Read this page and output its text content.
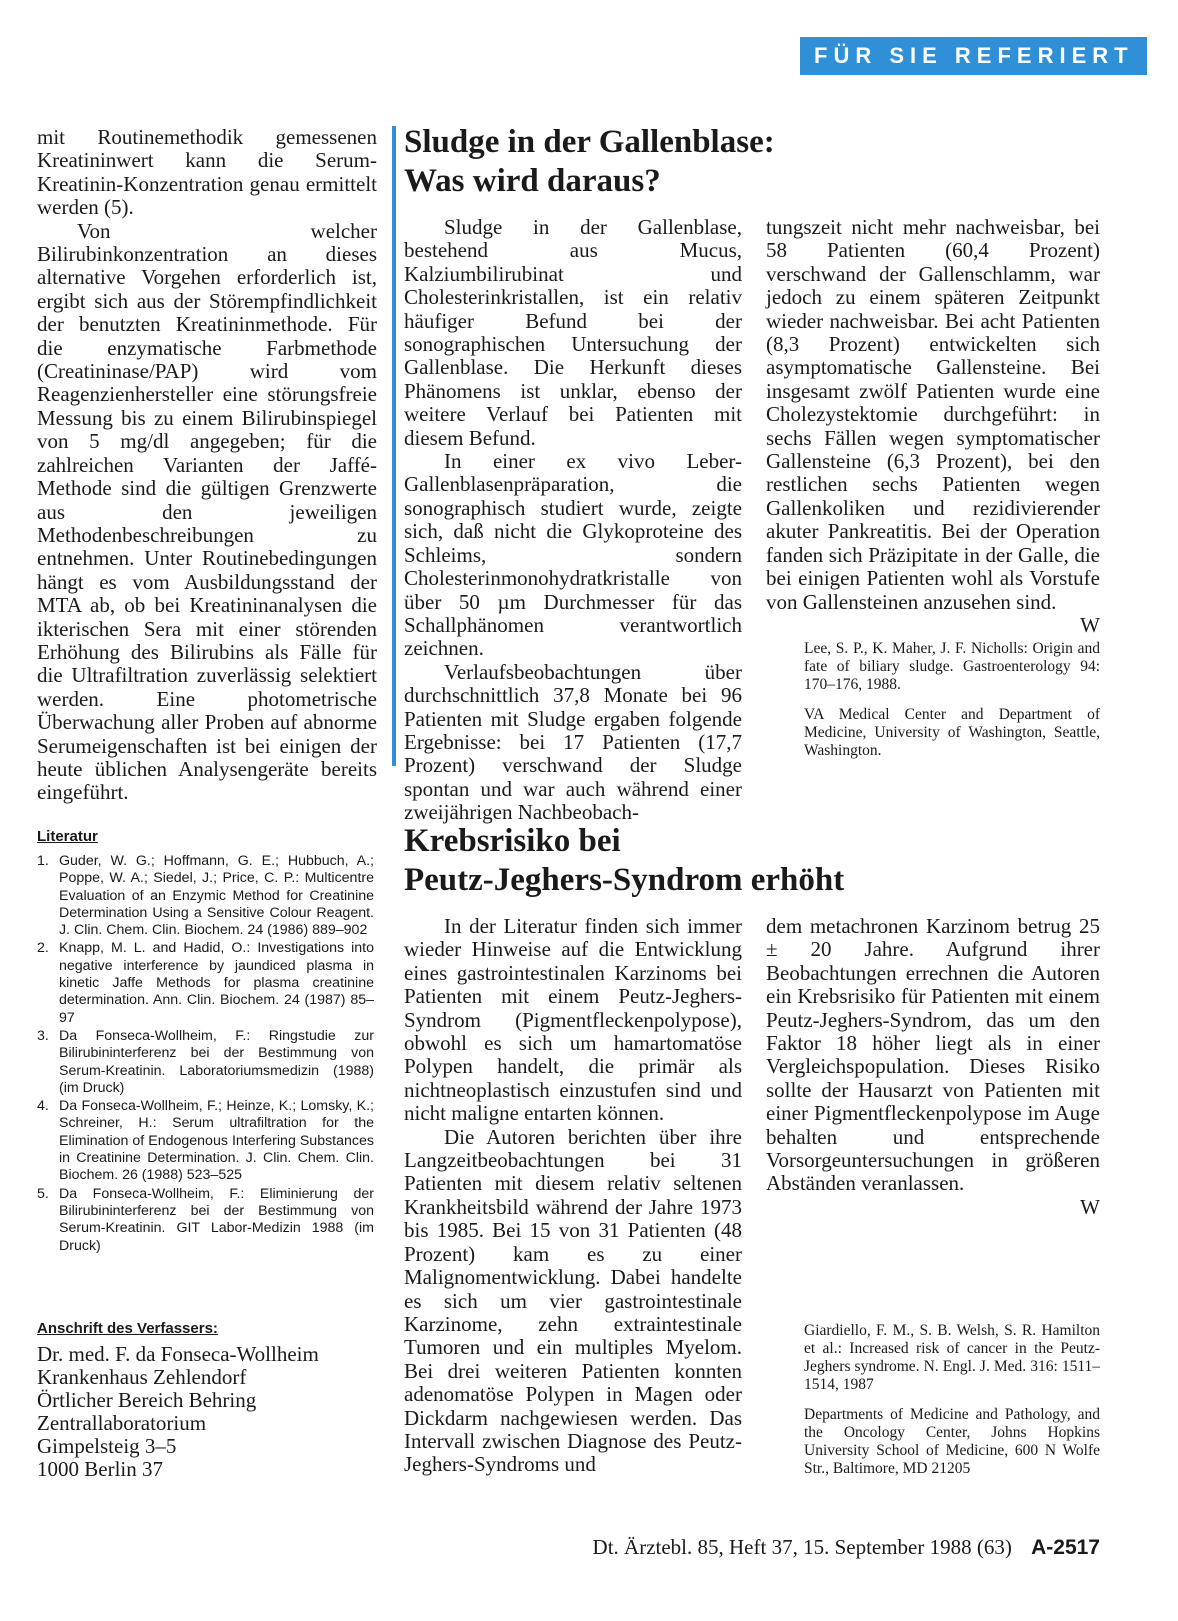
FÜR SIE REFERIERT

mit Routinemethodik gemessenen Kreatininwert kann die Serum-Kreatinin-Konzentration genau ermittelt werden (5).

Von welcher Bilirubinkonzentration an dieses alternative Vorgehen erforderlich ist, ergibt sich aus der Störempfindlichkeit der benutzten Kreatininmethode. Für die enzymatische Farbmethode (Creatininase/PAP) wird vom Reagenzienhersteller eine störungsfreie Messung bis zu einem Bilirubinspiegel von 5 mg/dl angegeben; für die zahlreichen Varianten der Jaffé-Methode sind die gültigen Grenzwerte aus den jeweiligen Methodenbeschreibungen zu entnehmen. Unter Routinebedingungen hängt es vom Ausbildungsstand der MTA ab, ob bei Kreatininanalysen die ikterischen Sera mit einer störenden Erhöhung des Bilirubins als Fälle für die Ultrafiltration zuverlässig selektiert werden. Eine photometrische Überwachung aller Proben auf abnorme Serumeigenschaften ist bei einigen der heute üblichen Analysengeräte bereits eingeführt.

Sludge in der Gallenblase:
Was wird daraus?

Sludge in der Gallenblase, bestehend aus Mucus, Kalziumbilirubinat und Cholesterinkristallen, ist ein relativ häufiger Befund bei der sonographischen Untersuchung der Gallenblase. Die Herkunft dieses Phänomens ist unklar, ebenso der weitere Verlauf bei Patienten mit diesem Befund.

In einer ex vivo Leber-Gallenblasenpräparation, die sonographisch studiert wurde, zeigte sich, daß nicht die Glykoproteine des Schleims, sondern Cholesterinmonohydratkristalle von über 50 µm Durchmesser für das Schallphänomen verantwortlich zeichnen.

Verlaufsbeobachtungen über durchschnittlich 37,8 Monate bei 96 Patienten mit Sludge ergaben folgende Ergebnisse: bei 17 Patienten (17,7 Prozent) verschwand der Sludge spontan und war auch während einer zweijährigen Nachbeobach-

tungszeit nicht mehr nachweisbar, bei 58 Patienten (60,4 Prozent) verschwand der Gallenschlamm, war jedoch zu einem späteren Zeitpunkt wieder nachweisbar. Bei acht Patienten (8,3 Prozent) entwickelten sich asymptomatische Gallensteine. Bei insgesamt zwölf Patienten wurde eine Cholezystektomie durchgeführt: in sechs Fällen wegen symptomatischer Gallensteine (6,3 Prozent), bei den restlichen sechs Patienten wegen Gallenkoliken und rezidivierender akuter Pankreatitis. Bei der Operation fanden sich Präzipitate in der Galle, die bei einigen Patienten wohl als Vorstufe von Gallensteinen anzusehen sind.

W

Lee, S. P., K. Maher, J. F. Nicholls: Origin and fate of biliary sludge. Gastroenterology 94: 170–176, 1988.

VA Medical Center and Department of Medicine, University of Washington, Seattle, Washington.

Literatur
1. Guder, W. G.; Hoffmann, G. E.; Hubbuch, A.; Poppe, W. A.; Siedel, J.; Price, C. P.: Multicentre Evaluation of an Enzymic Method for Creatinine Determination Using a Sensitive Colour Reagent. J. Clin. Chem. Clin. Biochem. 24 (1986) 889–902
2. Knapp, M. L. and Hadid, O.: Investigations into negative interference by jaundiced plasma in kinetic Jaffe Methods for plasma creatinine determination. Ann. Clin. Biochem. 24 (1987) 85–97
3. Da Fonseca-Wollheim, F.: Ringstudie zur Bilirubininterferenz bei der Bestimmung von Serum-Kreatinin. Laboratoriumsmedizin (1988) (im Druck)
4. Da Fonseca-Wollheim, F.; Heinze, K.; Lomsky, K.; Schreiner, H.: Serum ultrafiltration for the Elimination of Endogenous Interfering Substances in Creatinine Determination. J. Clin. Chem. Clin. Biochem. 26 (1988) 523–525
5. Da Fonseca-Wollheim, F.: Eliminierung der Bilirubininterferenz bei der Bestimmung von Serum-Kreatinin. GIT Labor-Medizin 1988 (im Druck)
Anschrift des Verfassers:
Dr. med. F. da Fonseca-Wollheim
Krankenhaus Zehlendorf
Örtlicher Bereich Behring
Zentrallaboratorium
Gimpelsteig 3–5
1000 Berlin 37
Krebsrisiko bei
Peutz-Jeghers-Syndrom erhöht

In der Literatur finden sich immer wieder Hinweise auf die Entwicklung eines gastrointestinalen Karzinoms bei Patienten mit einem Peutz-Jeghers-Syndrom (Pigmentfleckenpolypose), obwohl es sich um hamartomatöse Polypen handelt, die primär als nichtneoplastisch einzustufen sind und nicht maligne entarten können.

Die Autoren berichten über ihre Langzeitbeobachtungen bei 31 Patienten mit diesem relativ seltenen Krankheitsbild während der Jahre 1973 bis 1985. Bei 15 von 31 Patienten (48 Prozent) kam es zu einer Malignomentwicklung. Dabei handelte es sich um vier gastrointestinale Karzinome, zehn extraintestinale Tumoren und ein multiples Myelom. Bei drei weiteren Patienten konnten adenomatöse Polypen in Magen oder Dickdarm nachgewiesen werden. Das Intervall zwischen Diagnose des Peutz-Jeghers-Syndroms und

dem metachronen Karzinom betrug 25 ± 20 Jahre. Aufgrund ihrer Beobachtungen errechnen die Autoren ein Krebsrisiko für Patienten mit einem Peutz-Jeghers-Syndrom, das um den Faktor 18 höher liegt als in einer Vergleichspopulation. Dieses Risiko sollte der Hausarzt von Patienten mit einer Pigmentfleckenpolypose im Auge behalten und entsprechende Vorsorgeuntersuchungen in größeren Abständen veranlassen.

W

Giardiello, F. M., S. B. Welsh, S. R. Hamilton et al.: Increased risk of cancer in the Peutz-Jeghers syndrome. N. Engl. J. Med. 316: 1511–1514, 1987

Departments of Medicine and Pathology, and the Oncology Center, Johns Hopkins University School of Medicine, 600 N Wolfe Str., Baltimore, MD 21205

Dt. Ärztebl. 85, Heft 37, 15. September 1988 (63) A-2517
